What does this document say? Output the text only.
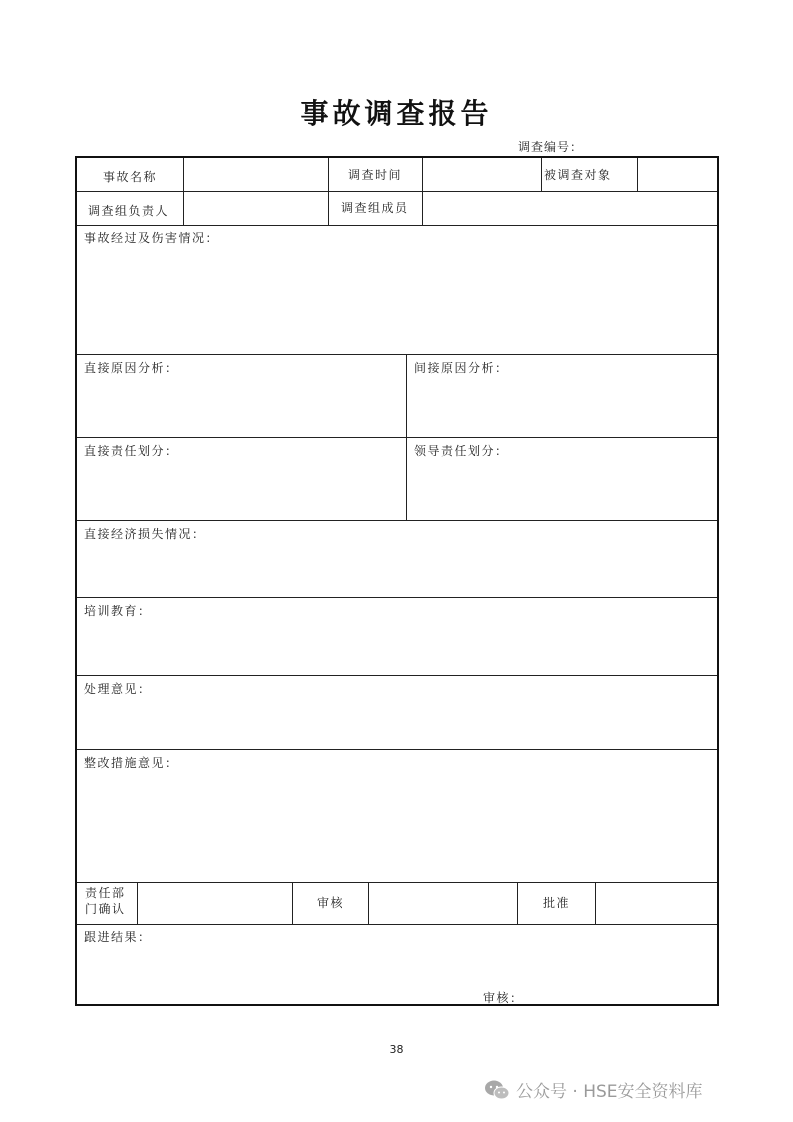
事故调查报告
调查编号：
事故名称	调查时间	被调查对象
调查组负责人	调查组成员
事故经过及伤害情况：
直接原因分析：	间接原因分析：
直接责任划分：	领导责任划分：
直接经济损失情况：
培训教育：
处理意见：
整改措施意见：
责任部
门确认	审核	批准
跟进结果：
审核：
38
公众号 · HSE安全资料库
